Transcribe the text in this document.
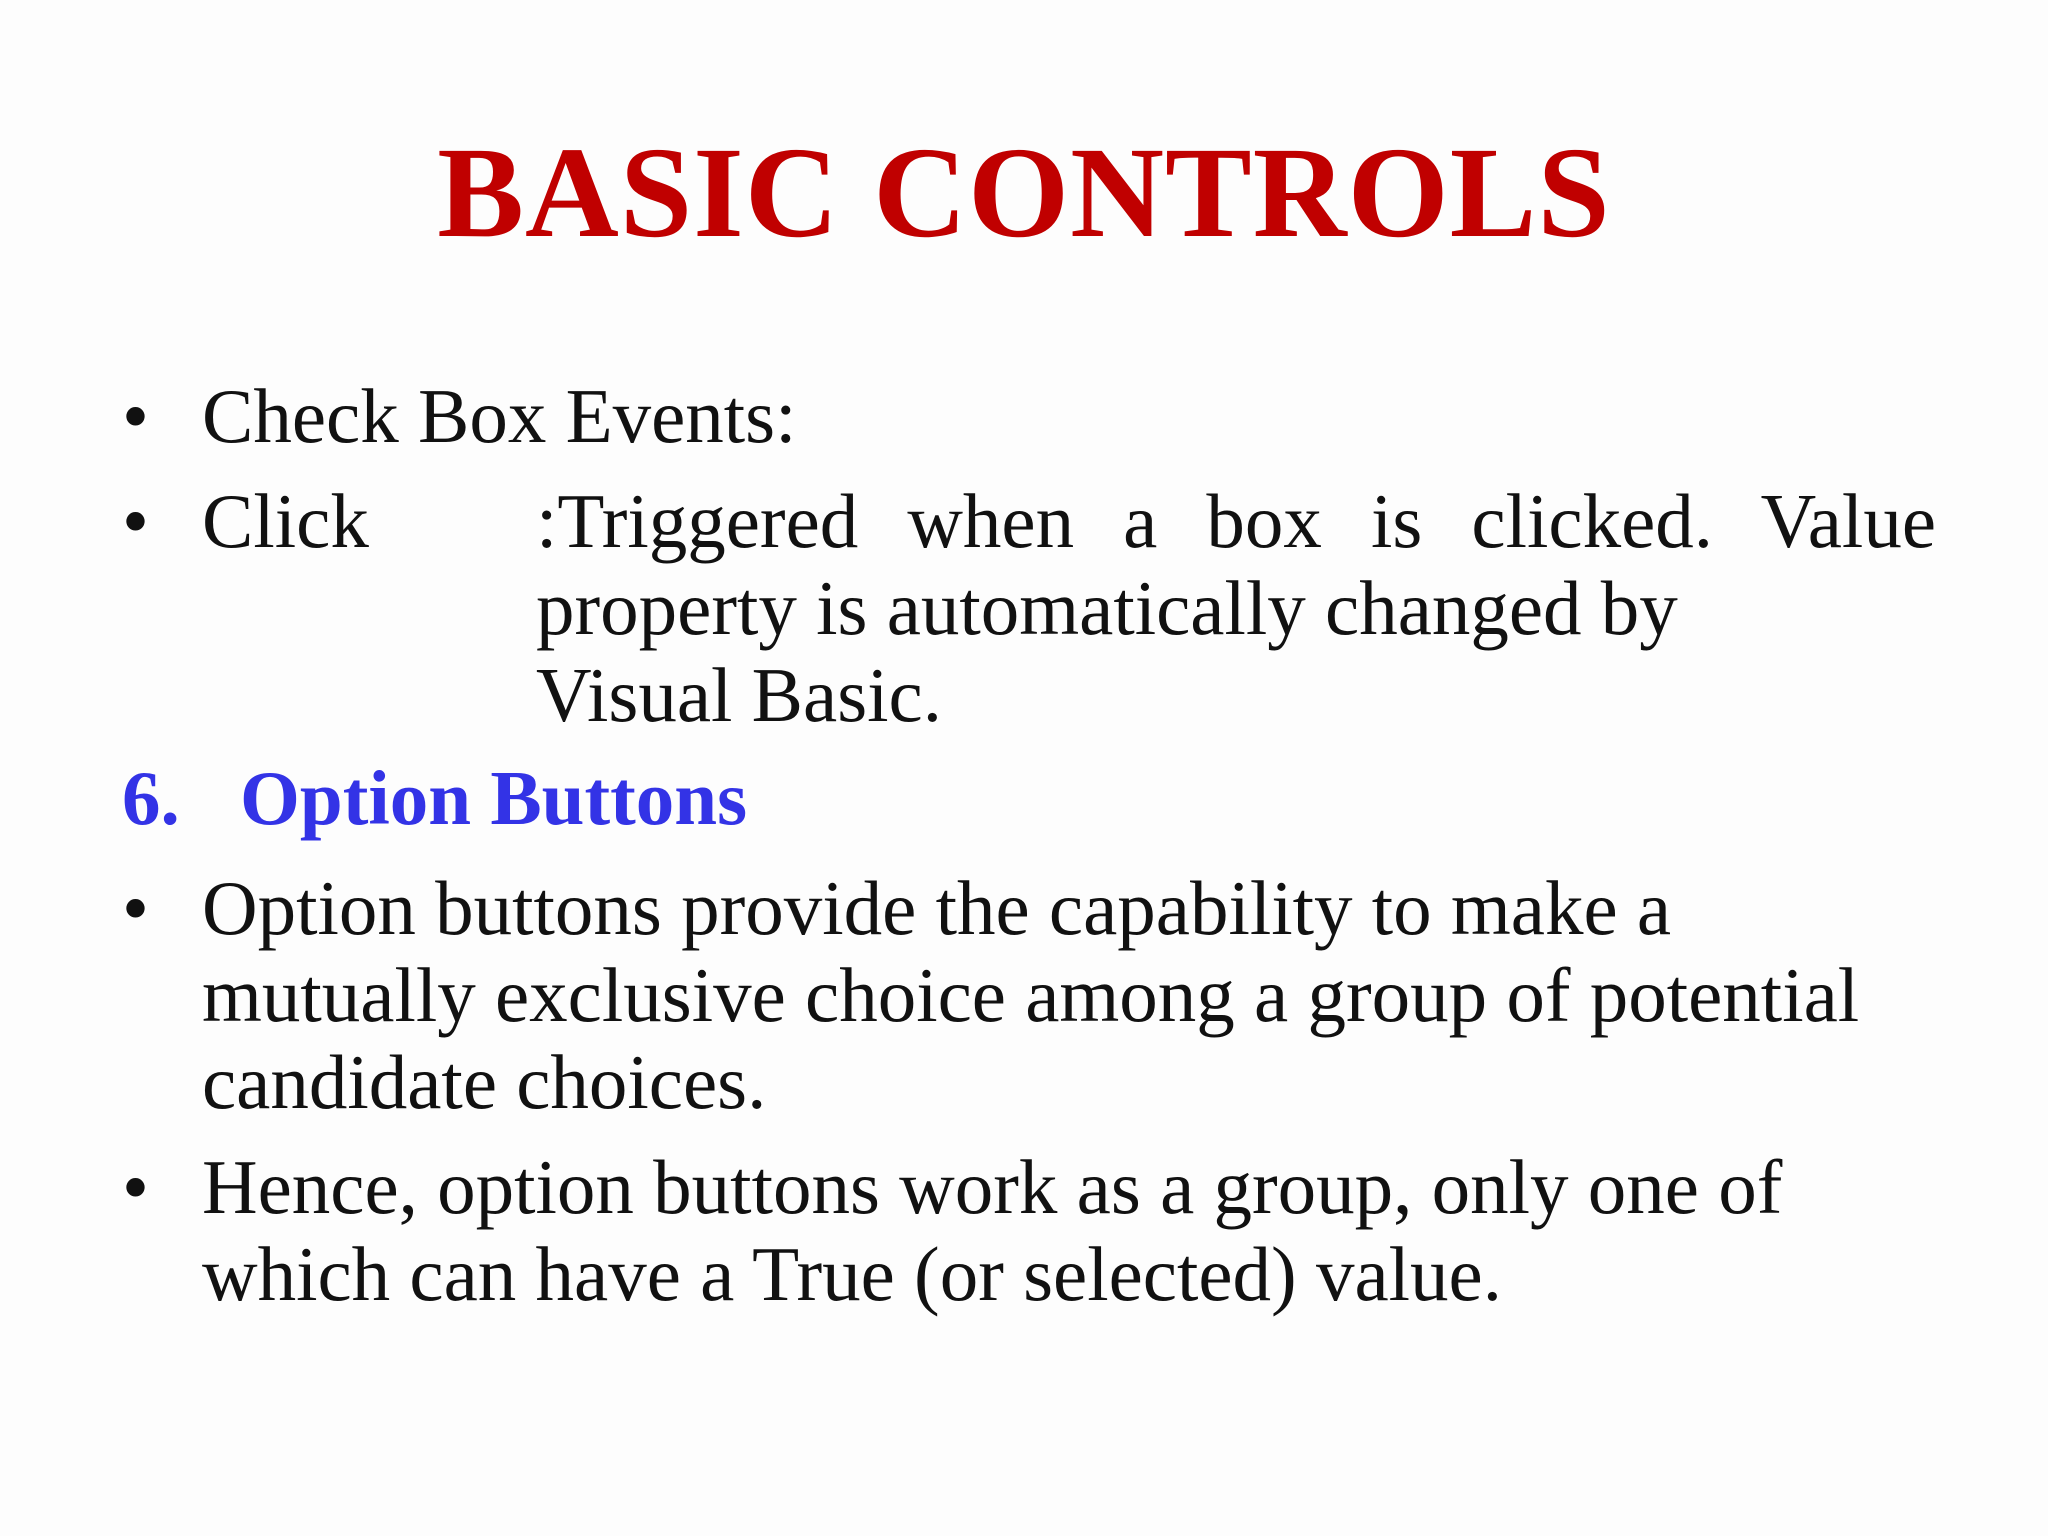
BASIC CONTROLS
• Check Box Events:
• Click :Triggered when a box is clicked. Value
property is automatically changed by
Visual Basic.
6. Option Buttons
• Option buttons provide the capability to make a
mutually exclusive choice among a group of potential
candidate choices.
• Hence, option buttons work as a group, only one of
which can have a True (or selected) value.
